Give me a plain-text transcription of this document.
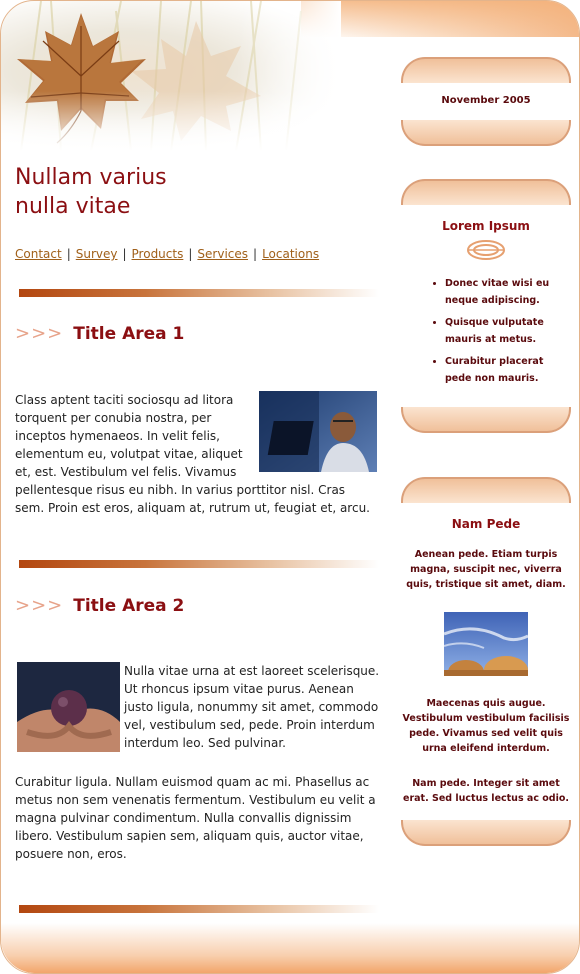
Nullam varius
nulla vitae
Contact | Survey | Products | Services | Locations
>>> Title Area 1
Class aptent taciti sociosqu ad litora torquent per conubia nostra, per inceptos hymenaeos. In velit felis, elementum eu, volutpat vitae, aliquet et, est. Vestibulum vel felis. Vivamus pellentesque risus eu nibh. In varius porttitor nisl. Cras sem. Proin est eros, aliquam at, rutrum ut, feugiat et, arcu.
>>> Title Area 2
Nulla vitae urna at est laoreet scelerisque. Ut rhoncus ipsum vitae purus. Aenean justo ligula, nonummy sit amet, commodo vel, vestibulum sed, pede. Proin interdum interdum leo. Sed pulvinar.
Curabitur ligula. Nullam euismod quam ac mi. Phasellus ac metus non sem venenatis fermentum. Vestibulum eu velit a magna pulvinar condimentum. Nulla convallis dignissim libero. Vestibulum sapien sem, aliquam quis, auctor vitae, posuere non, eros.
November 2005
Lorem Ipsum
• Donec vitae wisi eu neque adipiscing.
• Quisque vulputate mauris at metus.
• Curabitur placerat pede non mauris.
Nam Pede
Aenean pede. Etiam turpis magna, suscipit nec, viverra quis, tristique sit amet, diam.
Maecenas quis augue. Vestibulum vestibulum facilisis pede. Vivamus sed velit quis urna eleifend interdum.
Nam pede. Integer sit amet erat. Sed luctus lectus ac odio.
